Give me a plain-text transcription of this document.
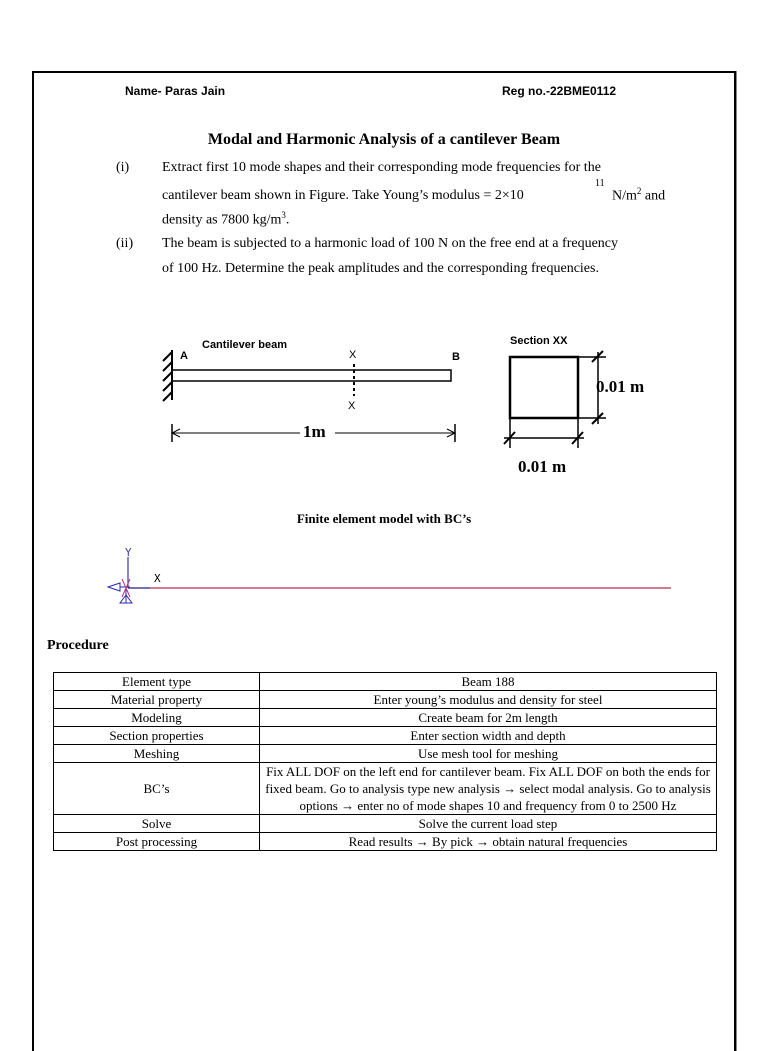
Name- Paras Jain	Reg no.-22BME0112
Modal and Harmonic Analysis of a cantilever Beam
(i) Extract first 10 mode shapes and their corresponding mode frequencies for the
cantilever beam shown in Figure. Take Young’s modulus = 2×10
11
$N/m^2$ and
density as 7800 $kg/m^3$.
(ii) The beam is subjected to a harmonic load of 100 N on the free end at a frequency
of 100 Hz. Determine the peak amplitudes and the corresponding frequencies.
Cantilever beam
A	B
X
X
1m
Section XX
0.01 m
0.01 m
Finite element model with BC’s
Y
X
Procedure
Element type	Beam 188
Material property	Enter young’s modulus and density for steel
Modeling	Create beam for 2m length
Section properties	Enter section width and depth
Meshing	Use mesh tool for meshing
BC’s	Fix ALL DOF on the left end for cantilever beam. Fix ALL DOF on both the ends for fixed beam. Go to analysis type new analysis → select modal analysis. Go to analysis options → enter no of mode shapes 10 and frequency from 0 to 2500 Hz
Solve	Solve the current load step
Post processing	Read results → By pick → obtain natural frequencies
